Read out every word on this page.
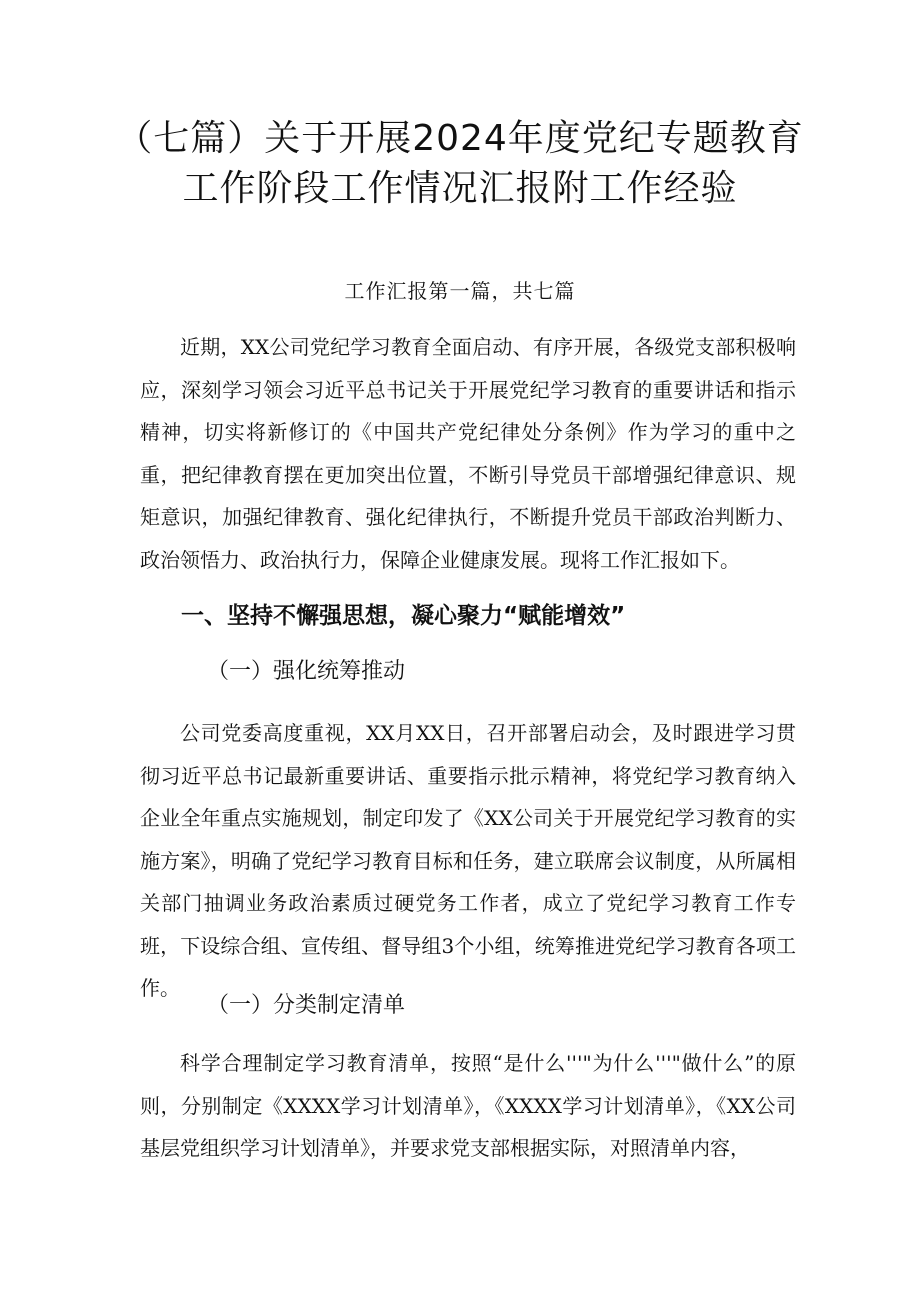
（七篇）关于开展2024年度党纪专题教育
工作阶段工作情况汇报附工作经验
工作汇报第一篇，共七篇

近期，XX公司党纪学习教育全面启动、有序开展，各级党支部积极响应，深刻学习领会习近平总书记关于开展党纪学习教育的重要讲话和指示精神，切实将新修订的《中国共产党纪律处分条例》作为学习的重中之重，把纪律教育摆在更加突出位置，不断引导党员干部增强纪律意识、规矩意识，加强纪律教育、强化纪律执行，不断提升党员干部政治判断力、政治领悟力、政治执行力，保障企业健康发展。现将工作汇报如下。

一、坚持不懈强思想，凝心聚力“赋能增效”
（一）强化统筹推动

公司党委高度重视，XX月XX日，召开部署启动会，及时跟进学习贯彻习近平总书记最新重要讲话、重要指示批示精神，将党纪学习教育纳入企业全年重点实施规划，制定印发了《XX公司关于开展党纪学习教育的实施方案》，明确了党纪学习教育目标和任务，建立联席会议制度，从所属相关部门抽调业务政治素质过硬党务工作者，成立了党纪学习教育工作专班，下设综合组、宣传组、督导组3个小组，统筹推进党纪学习教育各项工作。

（一）分类制定清单

科学合理制定学习教育清单，按照“是什么'''"为什么'''"做什么”的原则，分别制定《XXXX学习计划清单》，《XXXX学习计划清单》，《XX公司基层党组织学习计划清单》，并要求党支部根据实际，对照清单内容，
